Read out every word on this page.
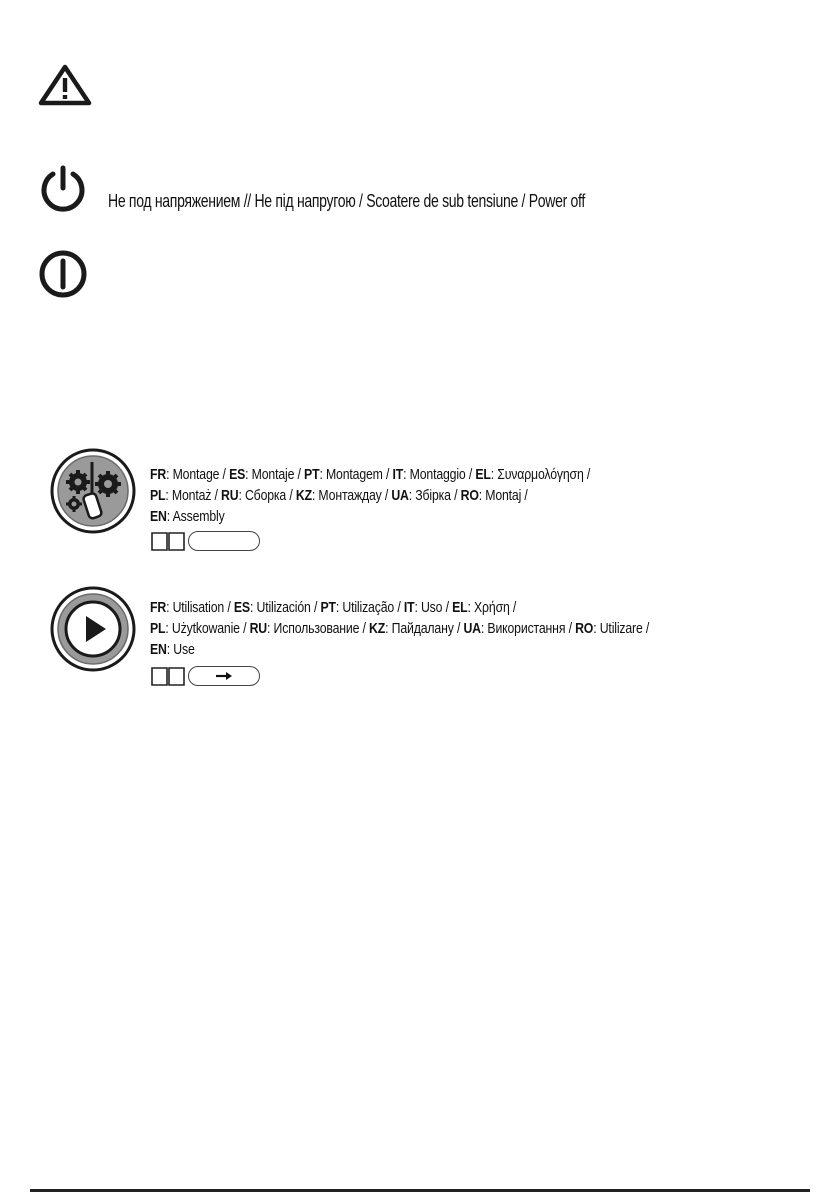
Не под напряжением // Не під напругою / Scoatere de sub tensiune / Power off
FR: Montage / ES: Montaje / PT: Montagem / IT: Montaggio / EL: Συναρμολόγηση /
PL: Montaż / RU: Сборка / KZ: Монтаждау / UA: Збірка / RO: Montaj /
EN: Assembly
FR: Utilisation / ES: Utilización / PT: Utilização / IT: Uso / EL: Χρήση /
PL: Użytkowanie / RU: Использование / KZ: Пайдалану / UA: Використання / RO: Utilizare /
EN: Use
